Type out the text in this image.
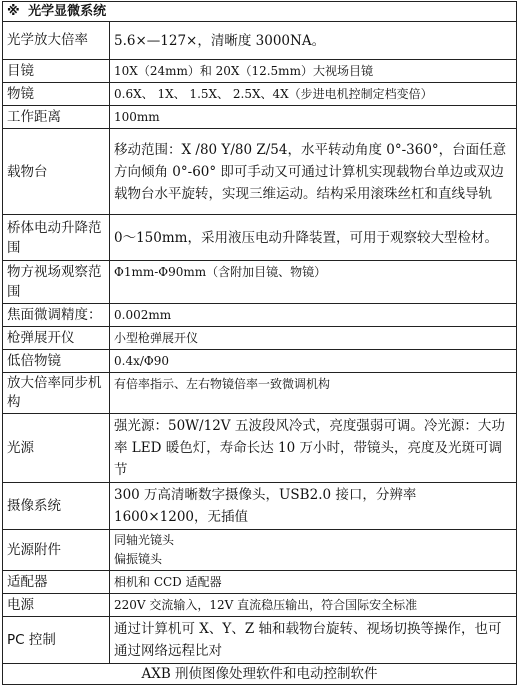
※ 光学显微系统	
光学放大倍率	5.6×—127×，清晰度 3000NA。
目镜	10X（24mm）和 20X（12.5mm）大视场目镜
物镜	0.6X、 1X、 1.5X、 2.5X、4X（步进电机控制定档变倍）
工作距离	100mm
载物台	移动范围：X /80 Y/80 Z/54，水平转动角度 0°-360°，台面任意方向倾角 0°-60° 即可手动又可通过计算机实现载物台单边或双边载物台水平旋转，实现三维运动。结构采用滚珠丝杠和直线导轨
桥体电动升降范围	0～150mm，采用液压电动升降装置，可用于观察较大型检材。
物方视场观察范围	Φ1mm-Φ90mm（含附加目镜、物镜）
焦面微调精度：	0.002mm
枪弹展开仪	小型枪弹展开仪
低倍物镜	0.4x/Φ90
放大倍率同步机构	有倍率指示、左右物镜倍率一致微调机构
光源	强光源：50W/12V 五波段风冷式，亮度强弱可调。冷光源：大功率 LED 暖色灯，寿命长达 10 万小时，带镜头，亮度及光斑可调节
摄像系统	300 万高清晰数字摄像头，USB2.0 接口，分辨率 1600×1200，无插值
光源附件	同轴光镜头
偏振镜头

适配器	相机和 CCD 适配器
电源	220V 交流输入，12V 直流稳压输出，符合国际安全标准
PC 控制	通过计算机可 X、Y、Z 轴和载物台旋转、视场切换等操作，也可通过网络远程比对
AXB 刑侦图像处理软件和电动控制软件	
